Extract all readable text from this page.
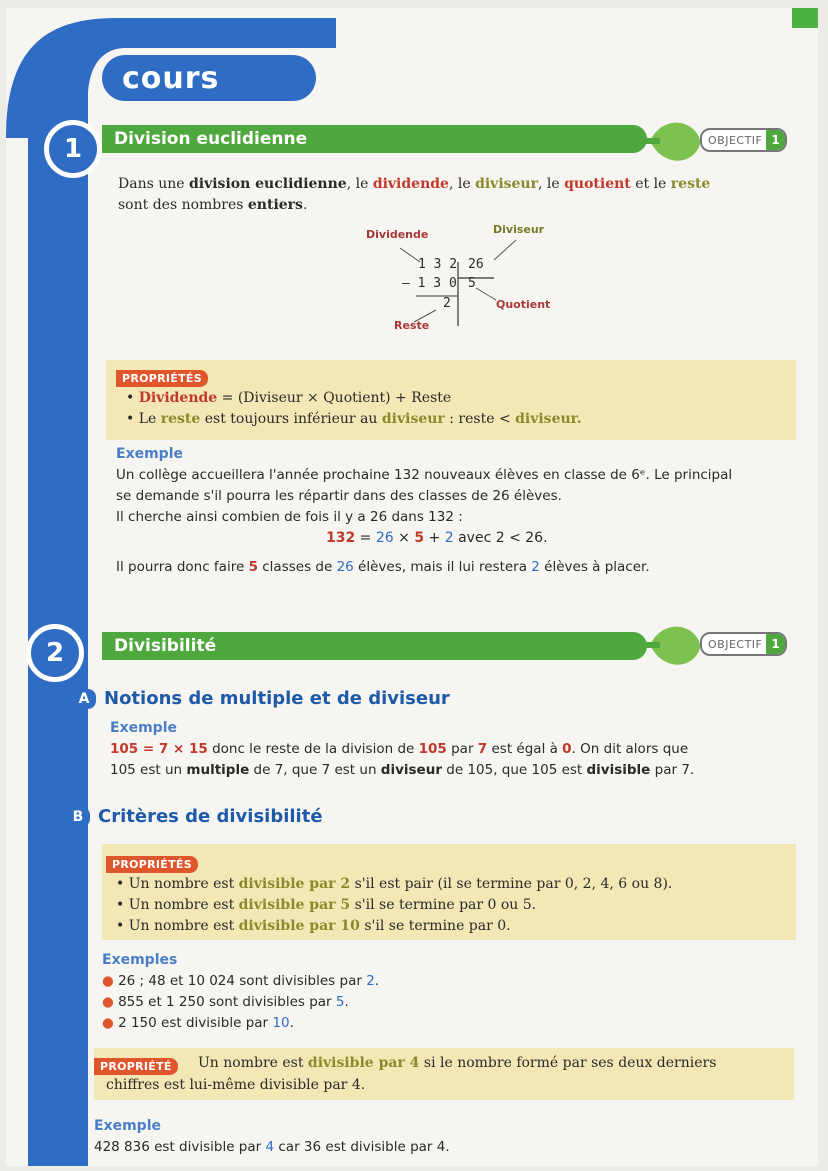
cours
1	Division euclidienne	OBJECTIF 1
Dans une division euclidienne, le dividende, le diviseur, le quotient et le reste
sont des nombres entiers.
Dividende	Diviseur
1 3 2 26
– 1 3 0 5
2	Quotient
Reste
PROPRIÉTÉS
• Dividende = (Diviseur × Quotient) + Reste
• Le reste est toujours inférieur au diviseur : reste < diviseur.
Exemple
Un collège accueillera l'année prochaine 132 nouveaux élèves en classe de 6ᵉ. Le principal
se demande s'il pourra les répartir dans des classes de 26 élèves.
Il cherche ainsi combien de fois il y a 26 dans 132 :
132 = 26 × 5 + 2 avec 2 < 26.
Il pourra donc faire 5 classes de 26 élèves, mais il lui restera 2 élèves à placer.
2	Divisibilité	OBJECTIF 1
A Notions de multiple et de diviseur
Exemple
105 = 7 × 15 donc le reste de la division de 105 par 7 est égal à 0. On dit alors que
105 est un multiple de 7, que 7 est un diviseur de 105, que 105 est divisible par 7.
B Critères de divisibilité
PROPRIÉTÉS
• Un nombre est divisible par 2 s'il est pair (il se termine par 0, 2, 4, 6 ou 8).
• Un nombre est divisible par 5 s'il se termine par 0 ou 5.
• Un nombre est divisible par 10 s'il se termine par 0.
Exemples
● 26 ; 48 et 10 024 sont divisibles par 2.
● 855 et 1 250 sont divisibles par 5.
● 2 150 est divisible par 10.
PROPRIÉTÉ	Un nombre est divisible par 4 si le nombre formé par ses deux derniers
chiffres est lui-même divisible par 4.
Exemple
428 836 est divisible par 4 car 36 est divisible par 4.
